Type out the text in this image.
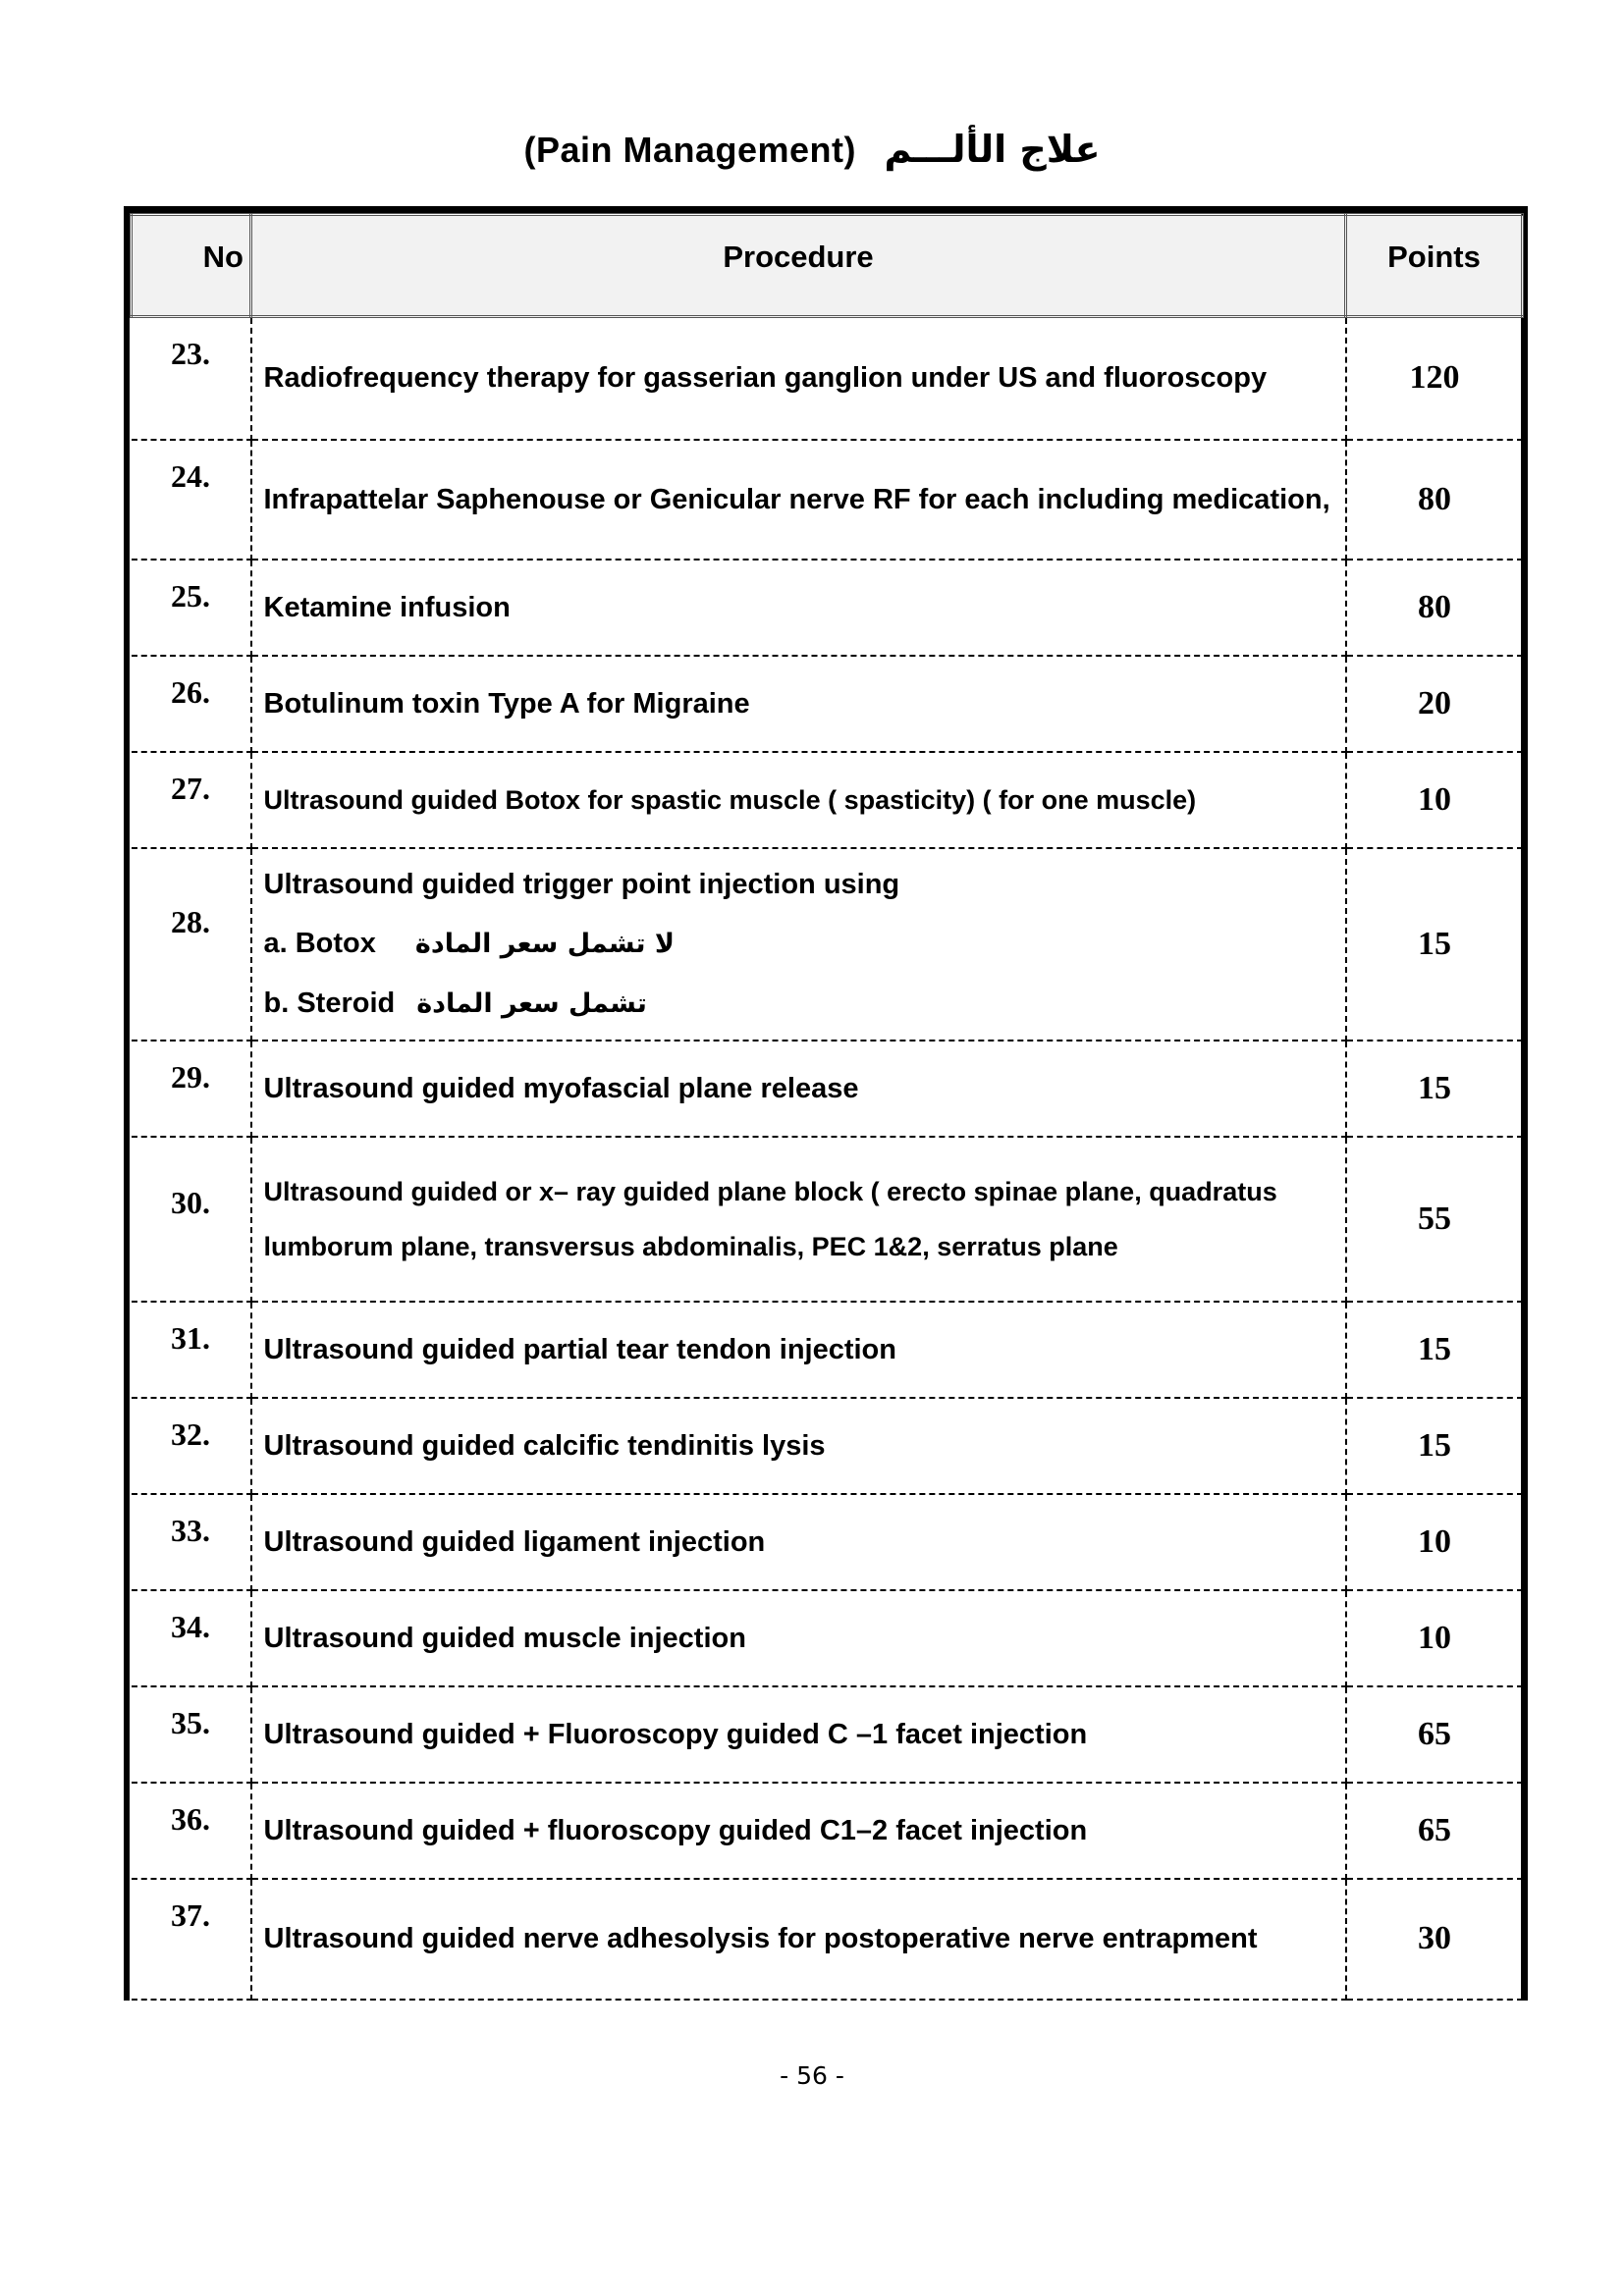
(Pain Management) علاج الألـــم
No	Procedure	Points
23.	Radiofrequency therapy for gasserian ganglion under US and fluoroscopy	120
24.	Infrapattelar Saphenouse or Genicular nerve RF for each including medication,	80
25.	Ketamine infusion	80
26.	Botulinum toxin Type A for Migraine	20
27.	Ultrasound guided Botox for spastic muscle ( spasticity) ( for one muscle)	10
28.	Ultrasound guided trigger point injection using
a. Botox لا تشمل سعر المادة
b. Steroid تشمل سعر المادة	15
29.	Ultrasound guided myofascial plane release	15
30.	Ultrasound guided or x– ray guided plane block ( erecto spinae plane, quadratus lumborum plane, transversus abdominalis, PEC 1&2, serratus plane	55
31.	Ultrasound guided partial tear tendon injection	15
32.	Ultrasound guided calcific tendinitis lysis	15
33.	Ultrasound guided ligament injection	10
34.	Ultrasound guided muscle injection	10
35.	Ultrasound guided + Fluoroscopy guided C –1 facet injection	65
36.	Ultrasound guided + fluoroscopy guided C1–2 facet injection	65
37.	Ultrasound guided nerve adhesolysis for postoperative nerve entrapment	30
- 56 -
